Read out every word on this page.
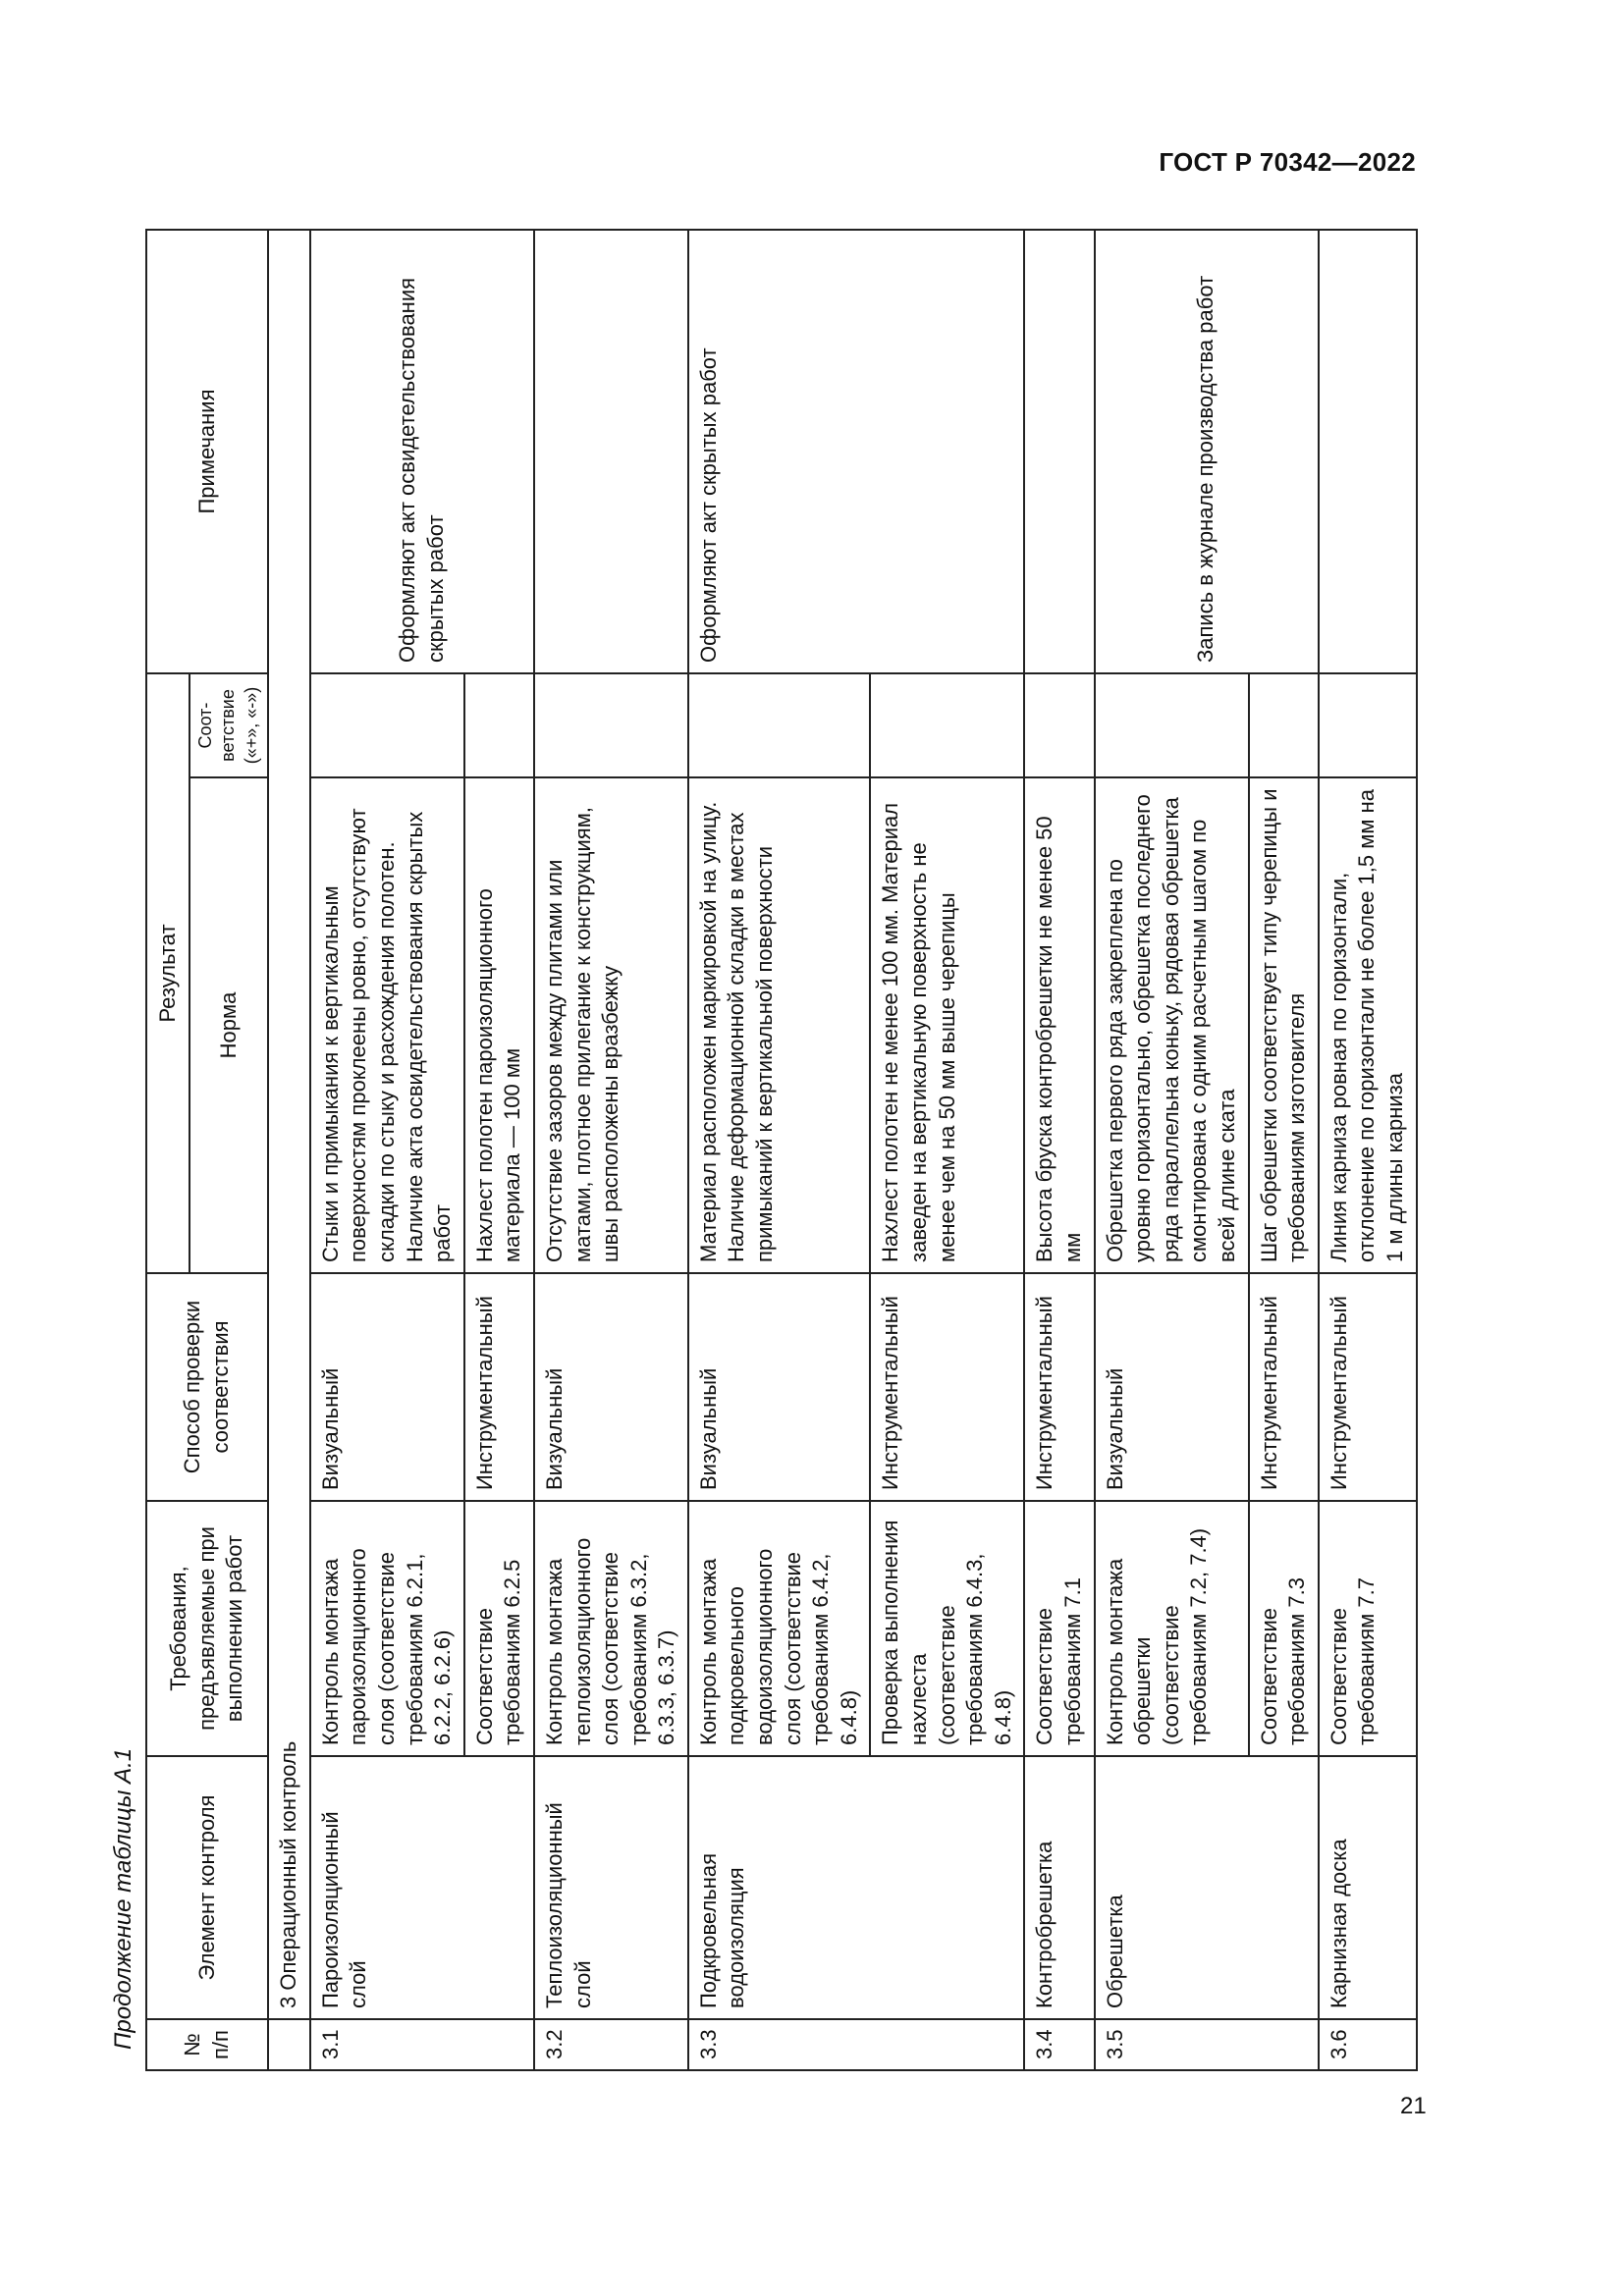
ГОСТ Р 70342—2022
Продолжение таблицы А.1
21
№ п/п	Элемент контроля	Требования, предъявляемые при выполнении работ	Способ проверки соответствия	Результат		Примечания
				Норма	Соот-ветствие («+», «-»)	
	3 Операционный контроль					
3.1	Пароизоляционный слой	Контроль монтажа пароизоляционного слоя (соответствие требованиям 6.2.1, 6.2.2, 6.2.6)	Визуальный	Стыки и примыкания к вертикальным поверхностям проклеены ровно, отсутствуют складки по стыку и расхождения полотен. Наличие акта освидетельствования скрытых работ		Оформляют акт освидетельствования скрытых работ
		Соответствие требованиям 6.2.5	Инструментальный	Нахлест полотен пароизоляционного материала — 100 мм		
3.2	Теплоизоляционный слой	Контроль монтажа теплоизоляционного слоя (соответствие требованиям 6.3.2, 6.3.3, 6.3.7)	Визуальный	Отсутствие зазоров между плитами или матами, плотное прилегание к конструкциям, швы расположены вразбежку		
3.3	Подкровельная водоизоляция	Контроль монтажа подкровельного водоизоляционного слоя (соответствие требованиям 6.4.2, 6.4.8)	Визуальный	Материал расположен маркировкой на улицу. Наличие деформационной складки в местах примыканий к вертикальной поверхности		Оформляют акт скрытых работ
		Проверка выполнения нахлеста (соответствие требованиям 6.4.3, 6.4.8)	Инструментальный	Нахлест полотен не менее 100 мм. Материал заведен на вертикальную поверхность не менее чем на 50 мм выше черепицы		
3.4	Контробрешетка	Соответствие требованиям 7.1	Инструментальный	Высота бруска контробрешетки не менее 50 мм		
3.5	Обрешетка	Контроль монтажа обрешетки (соответствие требованиям 7.2, 7.4)	Визуальный	Обрешетка первого ряда закреплена по уровню горизонтально, обрешетка последнего ряда параллельна коньку, рядовая обрешетка смонтирована с одним расчетным шагом по всей длине ската		Запись в журнале производства работ
		Соответствие требованиям 7.3	Инструментальный	Шаг обрешетки соответствует типу черепицы и требованиям изготовителя		
3.6	Карнизная доска	Соответствие требованиям 7.7	Инструментальный	Линия карниза ровная по горизонтали, отклонение по горизонтали не более 1,5 мм на 1 м длины карниза		
